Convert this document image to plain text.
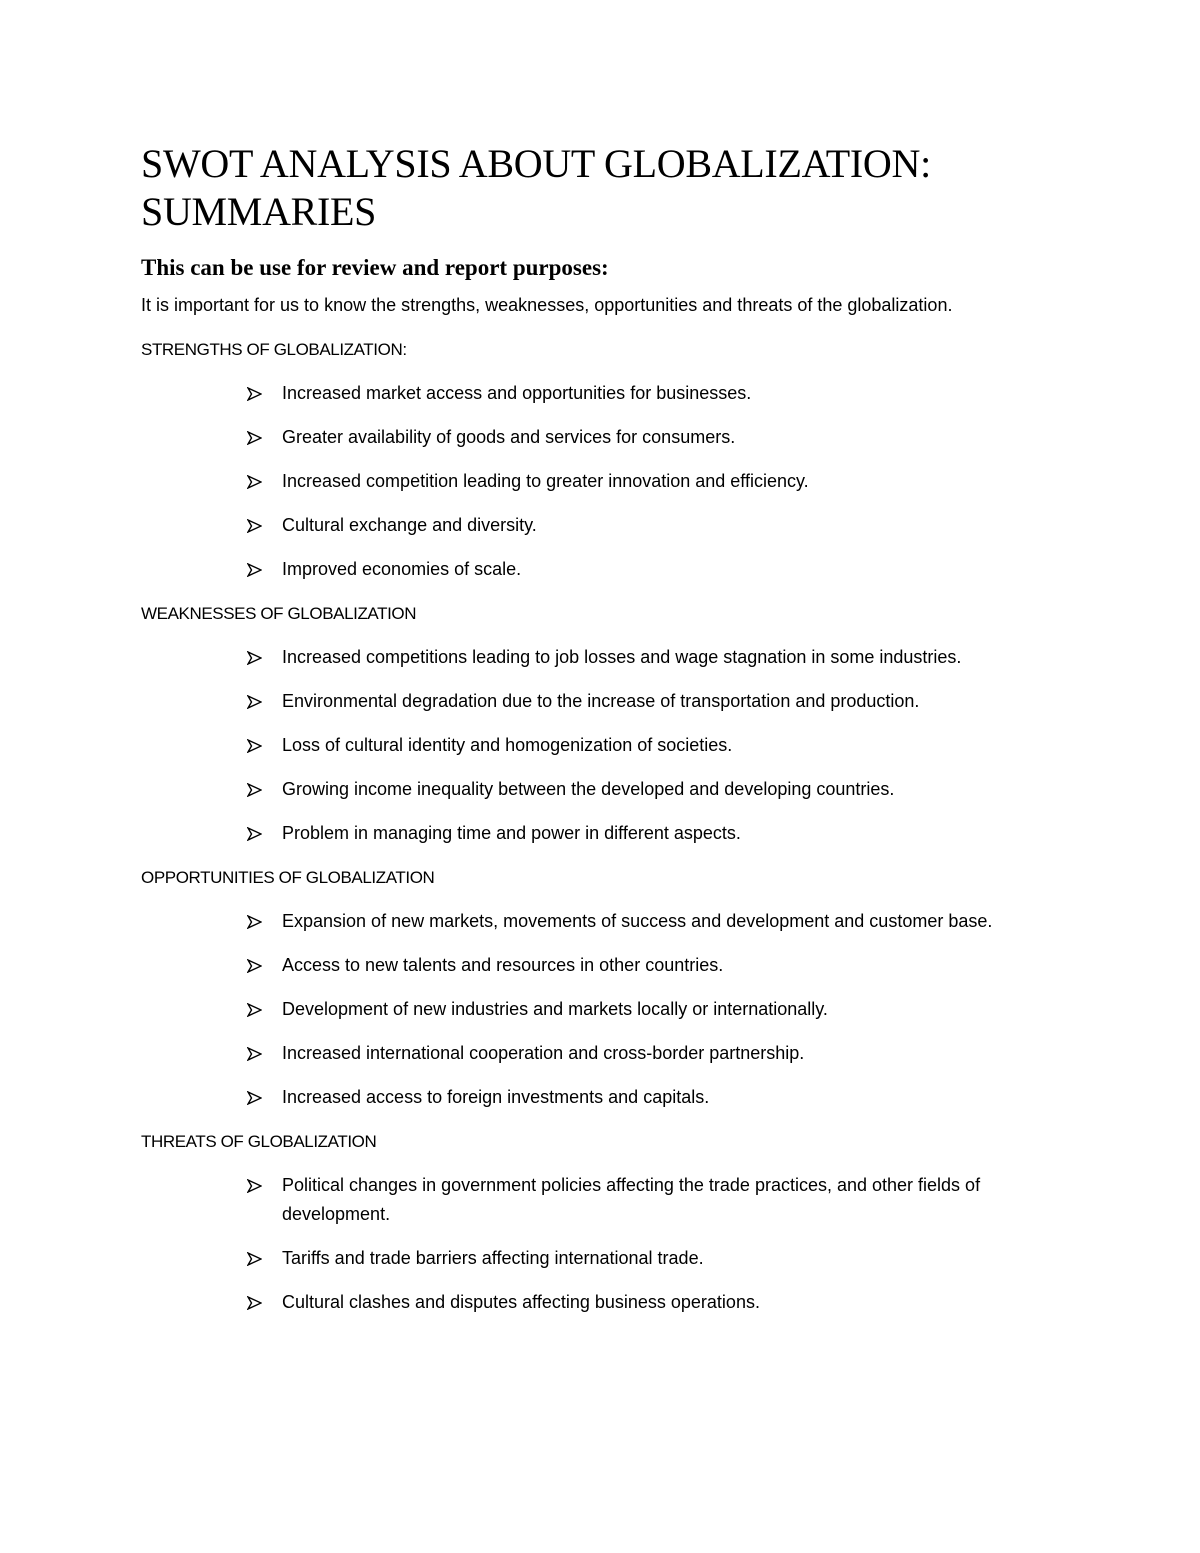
SWOT ANALYSIS ABOUT GLOBALIZATION: SUMMARIES
This can be use for review and report purposes:

It is important for us to know the strengths, weaknesses, opportunities and threats of the globalization.

STRENGTHS OF GLOBALIZATION:
Increased market access and opportunities for businesses.
Greater availability of goods and services for consumers.
Increased competition leading to greater innovation and efficiency.
Cultural exchange and diversity.
Improved economies of scale.
WEAKNESSES OF GLOBALIZATION
Increased competitions leading to job losses and wage stagnation in some industries.
Environmental degradation due to the increase of transportation and production.
Loss of cultural identity and homogenization of societies.
Growing income inequality between the developed and developing countries.
Problem in managing time and power in different aspects.
OPPORTUNITIES OF GLOBALIZATION
Expansion of new markets, movements of success and development and customer base.
Access to new talents and resources in other countries.
Development of new industries and markets locally or internationally.
Increased international cooperation and cross-border partnership.
Increased access to foreign investments and capitals.
THREATS OF GLOBALIZATION
Political changes in government policies affecting the trade practices, and other fields of development.
Tariffs and trade barriers affecting international trade.
Cultural clashes and disputes affecting business operations.
